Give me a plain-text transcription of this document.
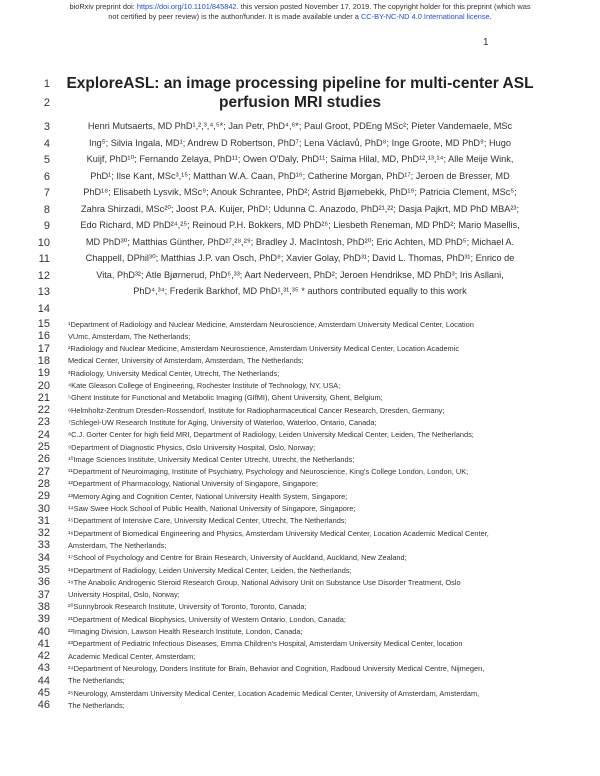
bioRxiv preprint doi: https://doi.org/10.1101/845842. this version posted November 17, 2019. The copyright holder for this preprint (which was
not certified by peer review) is the author/funder. It is made available under a CC-BY-NC-ND 4.0 International license.
1
1 ExploreASL: an image processing pipeline for multi-center ASL
2	perfusion MRI studies
3	Henri Mutsaerts, MD PhD¹,²,³,⁴,⁵*; Jan Petr, PhD⁴,⁶*; Paul Groot, PDEng MSc²; Pieter Vandemaele, MSc
4	Ing⁵; Silvia Ingala, MD¹; Andrew D Robertson, PhD⁷; Lena Václavů, PhD⁸; Inge Groote, MD PhD⁹; Hugo
5	Kuijf, PhD¹⁰; Fernando Zelaya, PhD¹¹; Owen O'Daly, PhD¹¹; Saima Hilal, MD, PhD¹²,¹³,¹⁴; Alle Meije Wink,
6	PhD¹; Ilse Kant, MSc³,¹⁵; Matthan W.A. Caan, PhD¹⁶; Catherine Morgan, PhD¹⁷; Jeroen de Bresser, MD
7	PhD¹⁸; Elisabeth Lysvik, MSc⁹; Anouk Schrantee, PhD²; Astrid Bjørnebekk, PhD¹⁹; Patricia Clement, MSc⁵;
8	Zahra Shirzadi, MSc²⁰; Joost P.A. Kuijer, PhD¹; Udunna C. Anazodo, PhD²¹,²²; Dasja Pajkrt, MD PhD MBA²³;
9	Edo Richard, MD PhD²⁴,²⁵; Reinoud P.H. Bokkers, MD PhD²⁶; Liesbeth Reneman, MD PhD²; Mario Masellis,
10	MD PhD³⁰; Matthias Günther, PhD²⁷,²⁸,²⁹; Bradley J. MacIntosh, PhD²⁰; Eric Achten, MD PhD⁵; Michael A.
11	Chappell, DPhil³⁰; Matthias J.P. van Osch, PhD⁸; Xavier Golay, PhD³¹; David L. Thomas, PhD³¹; Enrico de
12	Vita, PhD³²; Atle Bjørnerud, PhD⁶,³³; Aart Nederveen, PhD²; Jeroen Hendrikse, MD PhD³; Iris Asllani,
13	PhD⁴,³⁴; Frederik Barkhof, MD PhD¹,³¹,³⁵ * authors contributed equally to this work
14
15 ¹Department of Radiology and Nuclear Medicine, Amsterdam Neuroscience, Amsterdam University Medical Center, Location
16 VUmc, Amsterdam, The Netherlands;
17 ²Radiology and Nuclear Medicine, Amsterdam Neuroscience, Amsterdam University Medical Center, Location Academic
18 Medical Center, University of Amsterdam, Amsterdam, The Netherlands;
19 ³Radiology, University Medical Center, Utrecht, The Netherlands;
20 ⁴Kate Gleason College of Engineering, Rochester Institute of Technology, NY, USA;
21 ⁵Ghent Institute for Functional and Metabolic Imaging (GIfMI), Ghent University, Ghent, Belgium;
22 ⁶Helmholtz-Zentrum Dresden-Rossendorf, Institute for Radiopharmaceutical Cancer Research, Dresden, Germany;
23 ⁷Schlegel-UW Research Institute for Aging, University of Waterloo, Waterloo, Ontario, Canada;
24 ⁸C.J. Gorter Center for high field MRI, Department of Radiology, Leiden University Medical Center, Leiden, The Netherlands;
25 ⁹Department of Diagnostic Physics, Oslo University Hospital, Oslo, Norway;
26 ¹⁰Image Sciences Institute, University Medical Center Utrecht, Utrecht, the Netherlands;
27 ¹¹Department of Neuroimaging, Institute of Psychiatry, Psychology and Neuroscience, King's College London, London, UK;
28 ¹²Department of Pharmacology, National University of Singapore, Singapore;
29 ¹³Memory Aging and Cognition Center, National University Health System, Singapore;
30 ¹⁴Saw Swee Hock School of Public Health, National University of Singapore, Singapore;
31 ¹⁵Department of Intensive Care, University Medical Center, Utrecht, The Netherlands;
32 ¹⁶Department of Biomedical Engineering and Physics, Amsterdam University Medical Center, Location Academic Medical Center,
33 Amsterdam, The Netherlands;
34 ¹⁷School of Psychology and Centre for Brain Research, University of Auckland, Auckland, New Zealand;
35 ¹⁸Department of Radiology, Leiden University Medical Center, Leiden, the Netherlands;
36 ¹⁹The Anabolic Androgenic Steroid Research Group, National Advisory Unit on Substance Use Disorder Treatment, Oslo
37 University Hospital, Oslo, Norway;
38 ²⁰Sunnybrook Research Institute, University of Toronto, Toronto, Canada;
39 ²¹Department of Medical Biophysics, University of Western Ontario, London, Canada;
40 ²²Imaging Division, Lawson Health Research Institute, London, Canada;
41 ²³Department of Pediatric Infectious Diseases, Emma Children's Hospital, Amsterdam University Medical Center, location
42 Academic Medical Center, Amsterdam;
43 ²⁴Department of Neurology, Donders Institute for Brain, Behavior and Cognition, Radboud University Medical Centre, Nijmegen,
44 The Netherlands;
45 ²⁵Neurology, Amsterdam University Medical Center, Location Academic Medical Center, University of Amsterdam, Amsterdam,
46 The Netherlands;
